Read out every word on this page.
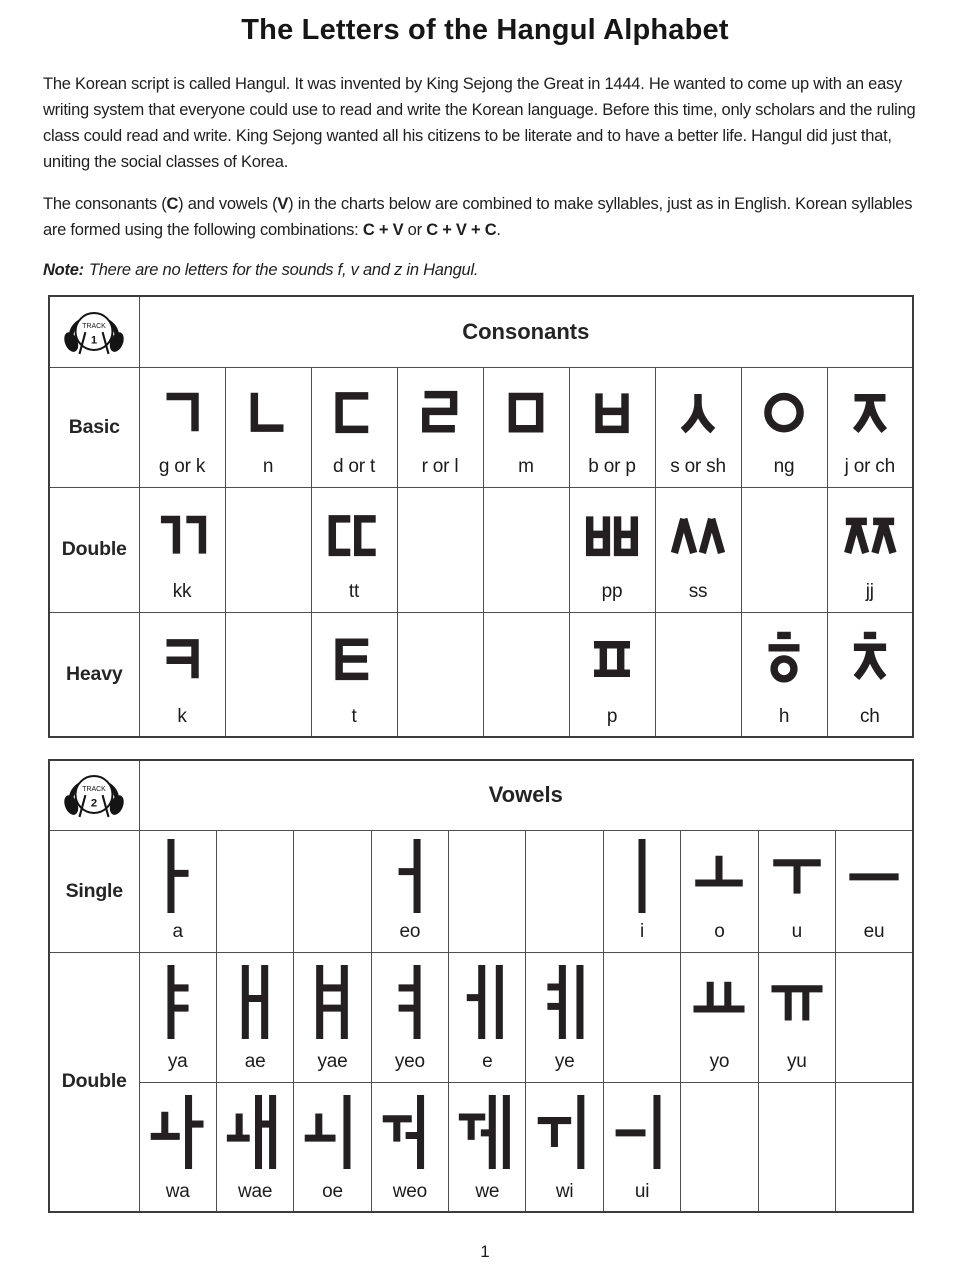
The Letters of the Hangul Alphabet
The Korean script is called Hangul. It was invented by King Sejong the Great in 1444. He wanted to come up with an easy writing system that everyone could use to read and write the Korean language. Before this time, only scholars and the ruling class could read and write. King Sejong wanted all his citizens to be literate and to have a better life. Hangul did just that, uniting the social classes of Korea.
The consonants (C) and vowels (V) in the charts below are combined to make syllables, just as in English. Korean syllables are formed using the following combinations: C + V or C + V + C.
Note: There are no letters for the sounds f, v and z in Hangul.
TRACK
1	Consonants								
Basic	g or k	n	d or t	r or l	m	b or p	s or sh	ng	j or ch

Double	kk		tt			pp	ss		jj

Heavy	k		t			p		h	ch
TRACK
2	Vowels									
Single	a			eo			i	o	u	eu

Double	ya	ae	yae	yeo	e	ye		yo	yu	

	wa	wae	oe	weo	we	wi	ui			

1
